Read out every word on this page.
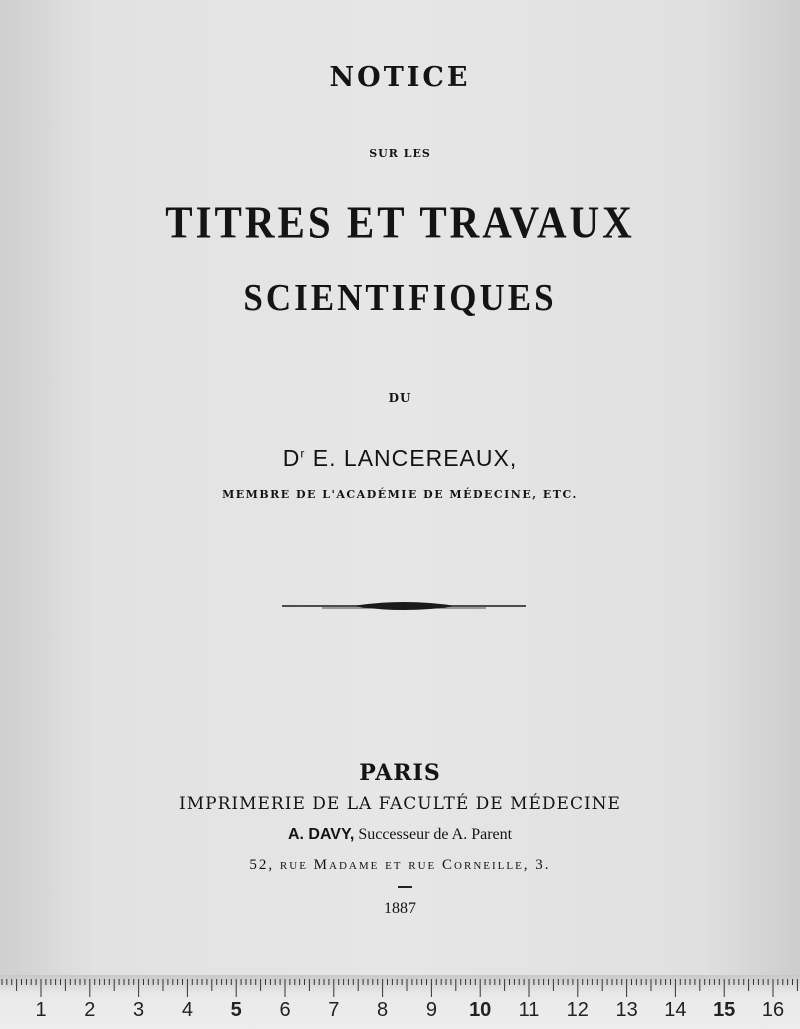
NOTICE
SUR LES
TITRES ET TRAVAUX
SCIENTIFIQUES
DU
$D^r$ E. LANCEREAUX,
MEMBRE DE L'ACADÉMIE DE MÉDECINE, ETC.
PARIS
IMPRIMERIE DE LA FACULTÉ DE MÉDECINE
A. DAVY, Successeur de A. Parent
52, rue Madame et rue Corneille, 3.
1887
1 2 3 4 5 6 7 8 9 10 11 12 13 14 15 16
